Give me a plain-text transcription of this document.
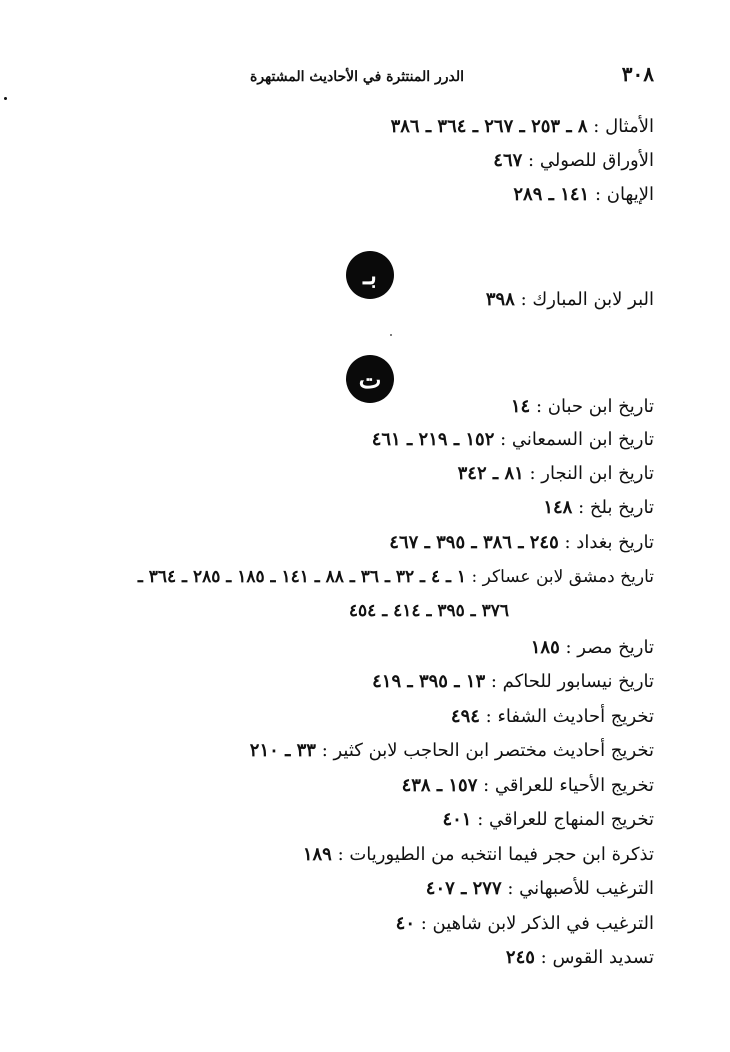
٣٠٨
الدرر المنتثرة في الأحاديث المشتهرة
الأمثال : ٨ ـ ٢٥٣ ـ ٢٦٧ ـ ٣٦٤ ـ ٣٨٦
الأوراق للصولي : ٤٦٧
الإيهان : ١٤١ ـ ٢٨٩
بـ
البر لابن المبارك : ٣٩٨
ت
تاريخ ابن حبان : ١٤
تاريخ ابن السمعاني : ١٥٢ ـ ٢١٩ ـ ٤٦١
تاريخ ابن النجار : ٨١ ـ ٣٤٢
تاريخ بلخ : ١٤٨
تاريخ بغداد : ٢٤٥ ـ ٣٨٦ ـ ٣٩٥ ـ ٤٦٧
تاريخ دمشق لابن عساكر : ١ ـ ٤ ـ ٣٢ ـ ٣٦ ـ ٨٨ ـ ١٤١ ـ ١٨٥ ـ ٢٨٥ ـ ٣٦٤ ـ
٣٧٦ ـ ٣٩٥ ـ ٤١٤ ـ ٤٥٤
تاريخ مصر : ١٨٥
تاريخ نيسابور للحاكم : ١٣ ـ ٣٩٥ ـ ٤١٩
تخريج أحاديث الشفاء : ٤٩٤
تخريج أحاديث مختصر ابن الحاجب لابن كثير : ٣٣ ـ ٢١٠
تخريج الأحياء للعراقي : ١٥٧ ـ ٤٣٨
تخريج المنهاج للعراقي : ٤٠١
تذكرة ابن حجر فيما انتخبه من الطيوريات : ١٨٩
الترغيب للأصبهاني : ٢٧٧ ـ ٤٠٧
الترغيب في الذكر لابن شاهين : ٤٠
تسديد القوس : ٢٤٥
